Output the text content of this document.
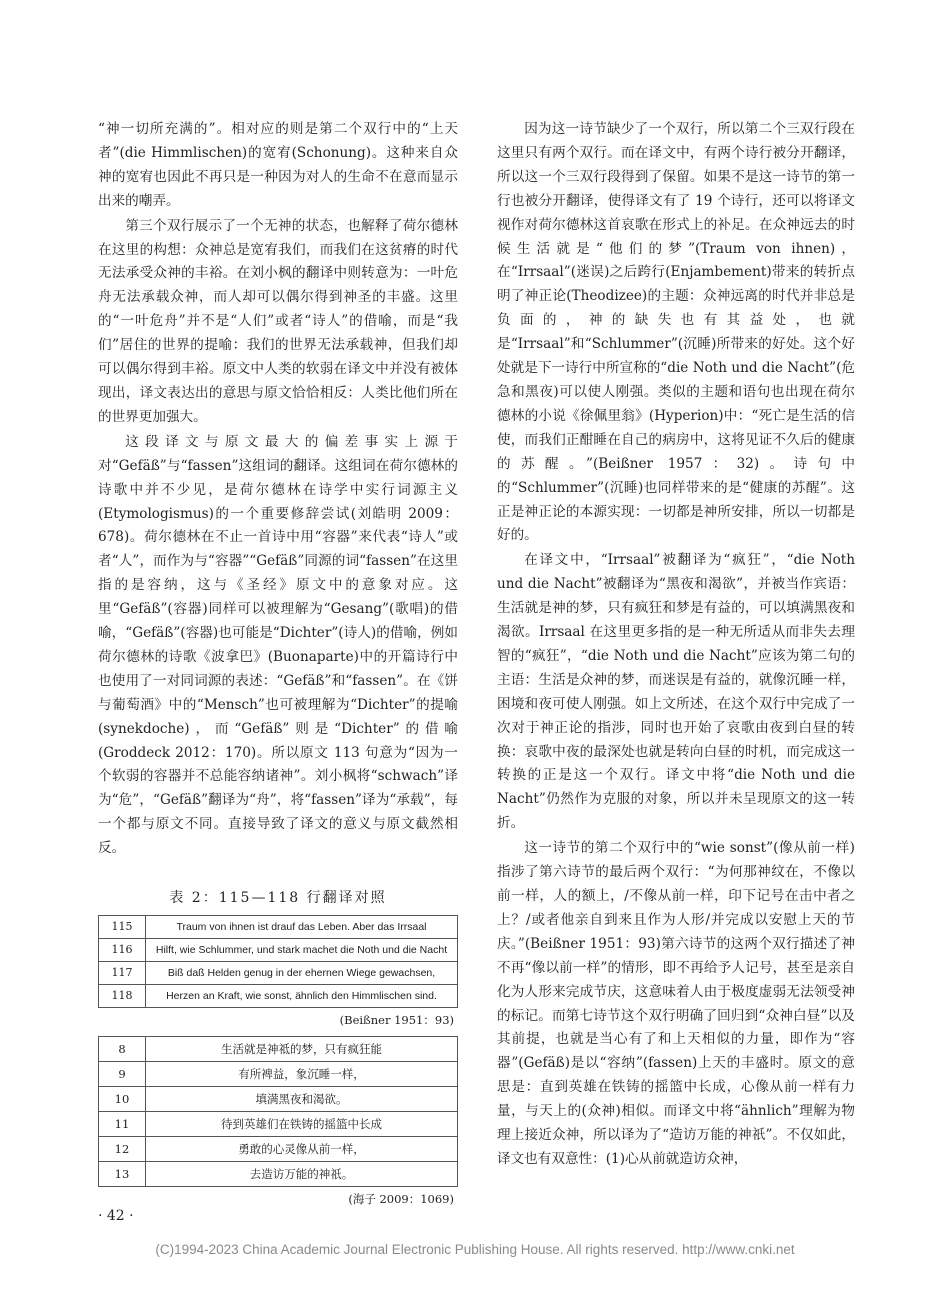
“神一切所充满的”。相对应的则是第二个双行中的“上天者”(die Himmlischen)的宽宥(Schonung)。这种来自众神的宽宥也因此不再只是一种因为对人的生命不在意而显示出来的嘲弄。

第三个双行展示了一个无神的状态，也解释了荷尔德林在这里的构想：众神总是宽宥我们，而我们在这贫瘠的时代无法承受众神的丰裕。在刘小枫的翻译中则转意为：一叶危舟无法承载众神，而人却可以偶尔得到神圣的丰盛。这里的“一叶危舟”并不是“人们”或者“诗人”的借喻，而是“我们”居住的世界的提喻：我们的世界无法承载神，但我们却可以偶尔得到丰裕。原文中人类的软弱在译文中并没有被体现出，译文表达出的意思与原文恰恰相反：人类比他们所在的世界更加强大。

这段译文与原文最大的偏差事实上源于对“Gefäß”与“fassen”这组词的翻译。这组词在荷尔德林的诗歌中并不少见，是荷尔德林在诗学中实行词源主义(Etymologismus)的一个重要修辞尝试(刘皓明 2009：678)。荷尔德林在不止一首诗中用“容器”来代表“诗人”或者“人”，而作为与“容器”“Gefäß”同源的词“fassen”在这里指的是容纳，这与《圣经》原文中的意象对应。这里“Gefäß”(容器)同样可以被理解为“Gesang”(歌唱)的借喻，“Gefäß”(容器)也可能是“Dichter”(诗人)的借喻，例如荷尔德林的诗歌《波拿巴》(Buonaparte)中的开篇诗行中也使用了一对同词源的表述：“Gefäß”和“fassen”。在《饼与葡萄酒》中的“Mensch”也可被理解为“Dichter”的提喻(synekdoche)，而“Gefäß”则是“Dichter”的借喻(Groddeck 2012：170)。所以原文 113 句意为“因为一个软弱的容器并不总能容纳诸神”。刘小枫将“schwach”译为“危”，“Gefäß”翻译为“舟”，将“fassen”译为“承载”，每一个都与原文不同。直接导致了译文的意义与原文截然相反。

表 2：115—118 行翻译对照
115	Traum von ihnen ist drauf das Leben. Aber das Irrsaal
116	Hilft, wie Schlummer, und stark machet die Noth und die Nacht
117	Biß daß Helden genug in der ehernen Wiege gewachsen,
118	Herzen an Kraft, wie sonst, ähnlich den Himmlischen sind.
(Beißner 1951：93)
8	生活就是神祗的梦，只有疯狂能
9	有所裨益，象沉睡一样，
10	填满黑夜和渴欲。
11	待到英雄们在铁铸的摇篮中长成
12	勇敢的心灵像从前一样，
13	去造访万能的神祇。
(海子 2009：1069)

因为这一诗节缺少了一个双行，所以第二个三双行段在这里只有两个双行。而在译文中，有两个诗行被分开翻译，所以这一个三双行段得到了保留。如果不是这一诗节的第一行也被分开翻译，使得译文有了 19 个诗行，还可以将译文视作对荷尔德林这首哀歌在形式上的补足。在众神远去的时候生活就是“他们的梦”(Traum von ihnen)，在“Irrsaal”(迷误)之后跨行(Enjambement)带来的转折点明了神正论(Theodizee)的主题：众神远离的时代并非总是负面的，神的缺失也有其益处，也就是“Irrsaal”和“Schlummer”(沉睡)所带来的好处。这个好处就是下一诗行中所宣称的“die Noth und die Nacht”(危急和黑夜)可以使人刚强。类似的主题和语句也出现在荷尔德林的小说《徐佩里翁》(Hyperion)中：“死亡是生活的信使，而我们正酣睡在自己的病房中，这将见证不久后的健康的苏醒。”(Beißner 1957：32)。诗句中的“Schlummer”(沉睡)也同样带来的是“健康的苏醒”。这正是神正论的本源实现：一切都是神所安排，所以一切都是好的。

在译文中，“Irrsaal”被翻译为“疯狂”，“die Noth und die Nacht”被翻译为“黑夜和渴欲”，并被当作宾语：生活就是神的梦，只有疯狂和梦是有益的，可以填满黑夜和渴欲。Irrsaal 在这里更多指的是一种无所适从而非失去理智的“疯狂”，“die Noth und die Nacht”应该为第二句的主语：生活是众神的梦，而迷误是有益的，就像沉睡一样，困境和夜可使人刚强。如上文所述，在这个双行中完成了一次对于神正论的指涉，同时也开始了哀歌由夜到白昼的转换：哀歌中夜的最深处也就是转向白昼的时机，而完成这一转换的正是这一个双行。译文中将“die Noth und die Nacht”仍然作为克服的对象，所以并未呈现原文的这一转折。

这一诗节的第二个双行中的“wie sonst”(像从前一样)指涉了第六诗节的最后两个双行：“为何那神纹在，不像以前一样，人的额上，/不像从前一样，印下记号在击中者之上？/或者他亲自到来且作为人形/并完成以安慰上天的节庆。”(Beißner 1951：93)第六诗节的这两个双行描述了神不再“像以前一样”的情形，即不再给予人记号，甚至是亲自化为人形来完成节庆，这意味着人由于极度虚弱无法领受神的标记。而第七诗节这个双行明确了回归到“众神白昼”以及其前提，也就是当心有了和上天相似的力量，即作为“容器”(Gefäß)是以“容纳”(fassen)上天的丰盛时。原文的意思是：直到英雄在铁铸的摇篮中长成，心像从前一样有力量，与天上的(众神)相似。而译文中将“ähnlich”理解为物理上接近众神，所以译为了“造访万能的神祇”。不仅如此，译文也有双意性：(1)心从前就造访众神，

· 42 ·
(C)1994-2023 China Academic Journal Electronic Publishing House. All rights reserved. http://www.cnki.net
